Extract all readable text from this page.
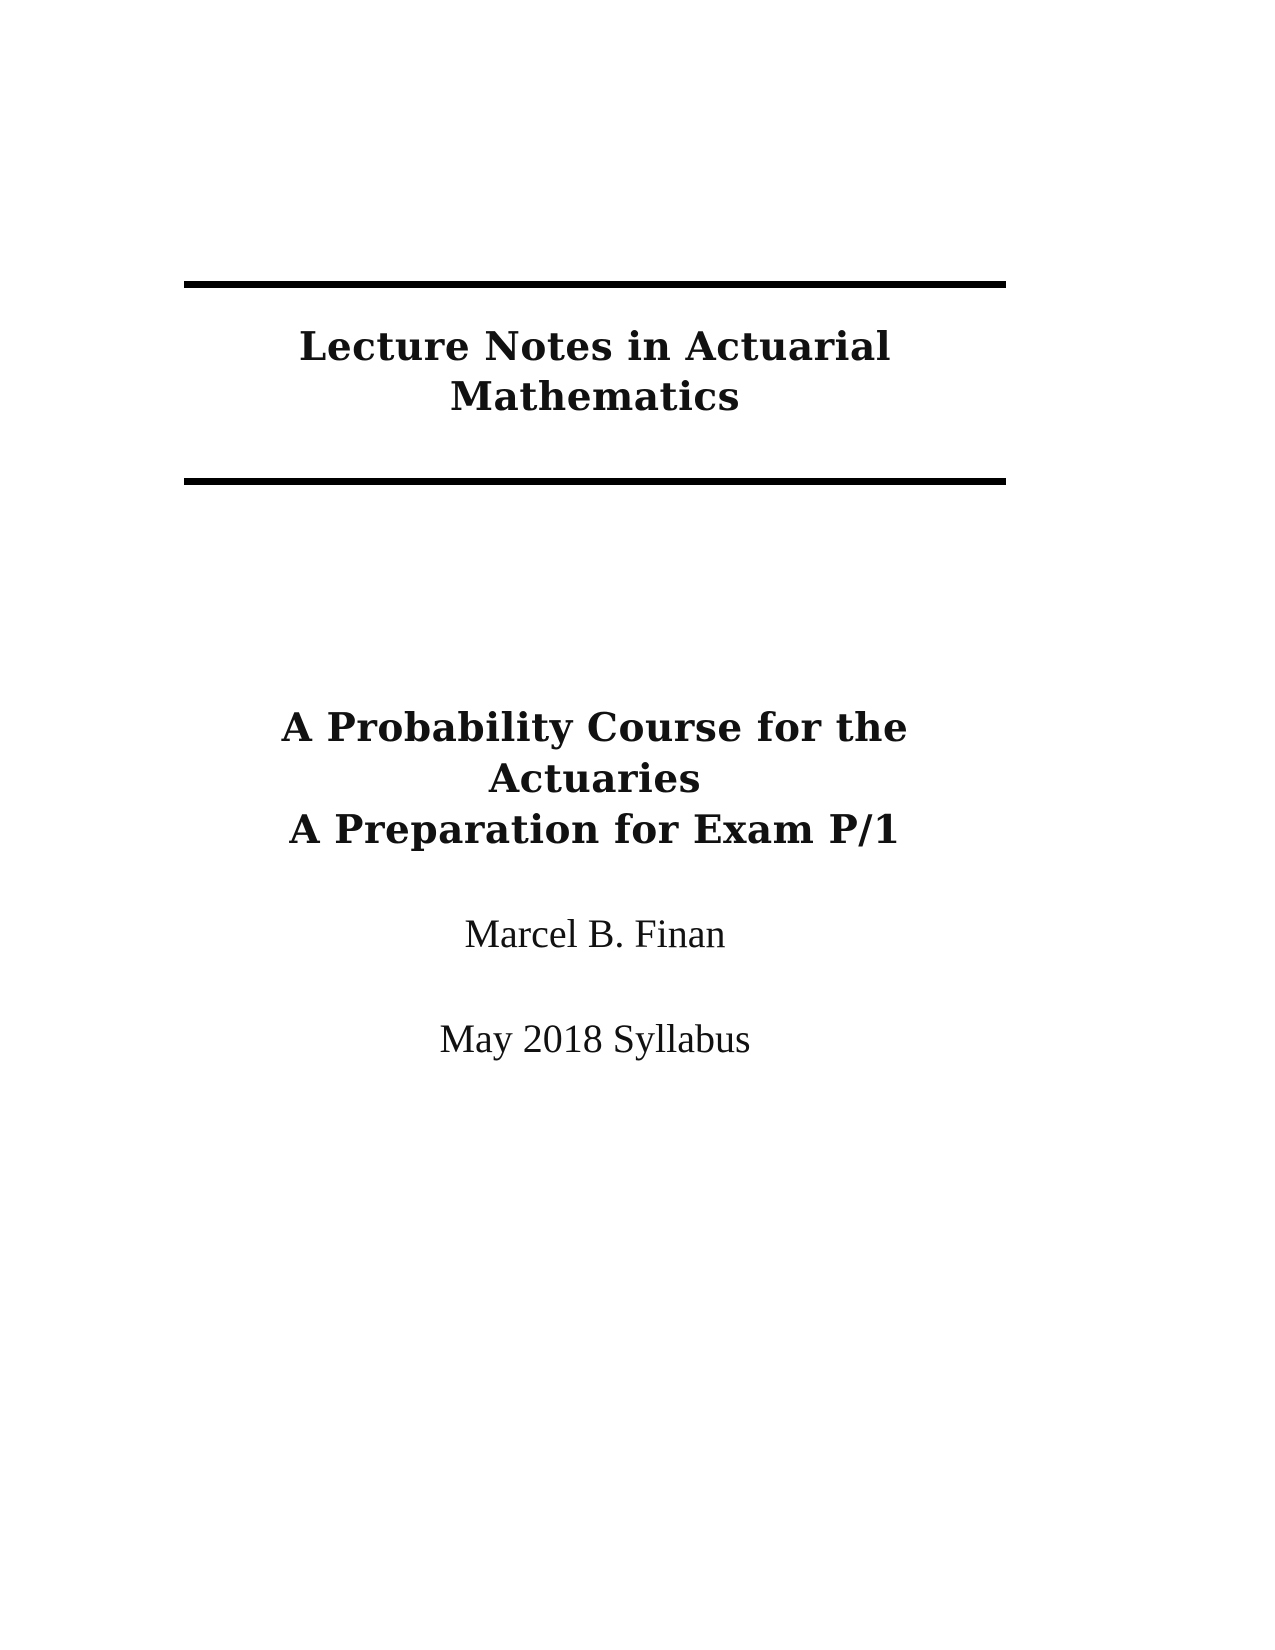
Lecture Notes in Actuarial
Mathematics
A Probability Course for the
Actuaries
A Preparation for Exam P/1

Marcel B. Finan

May 2018 Syllabus
